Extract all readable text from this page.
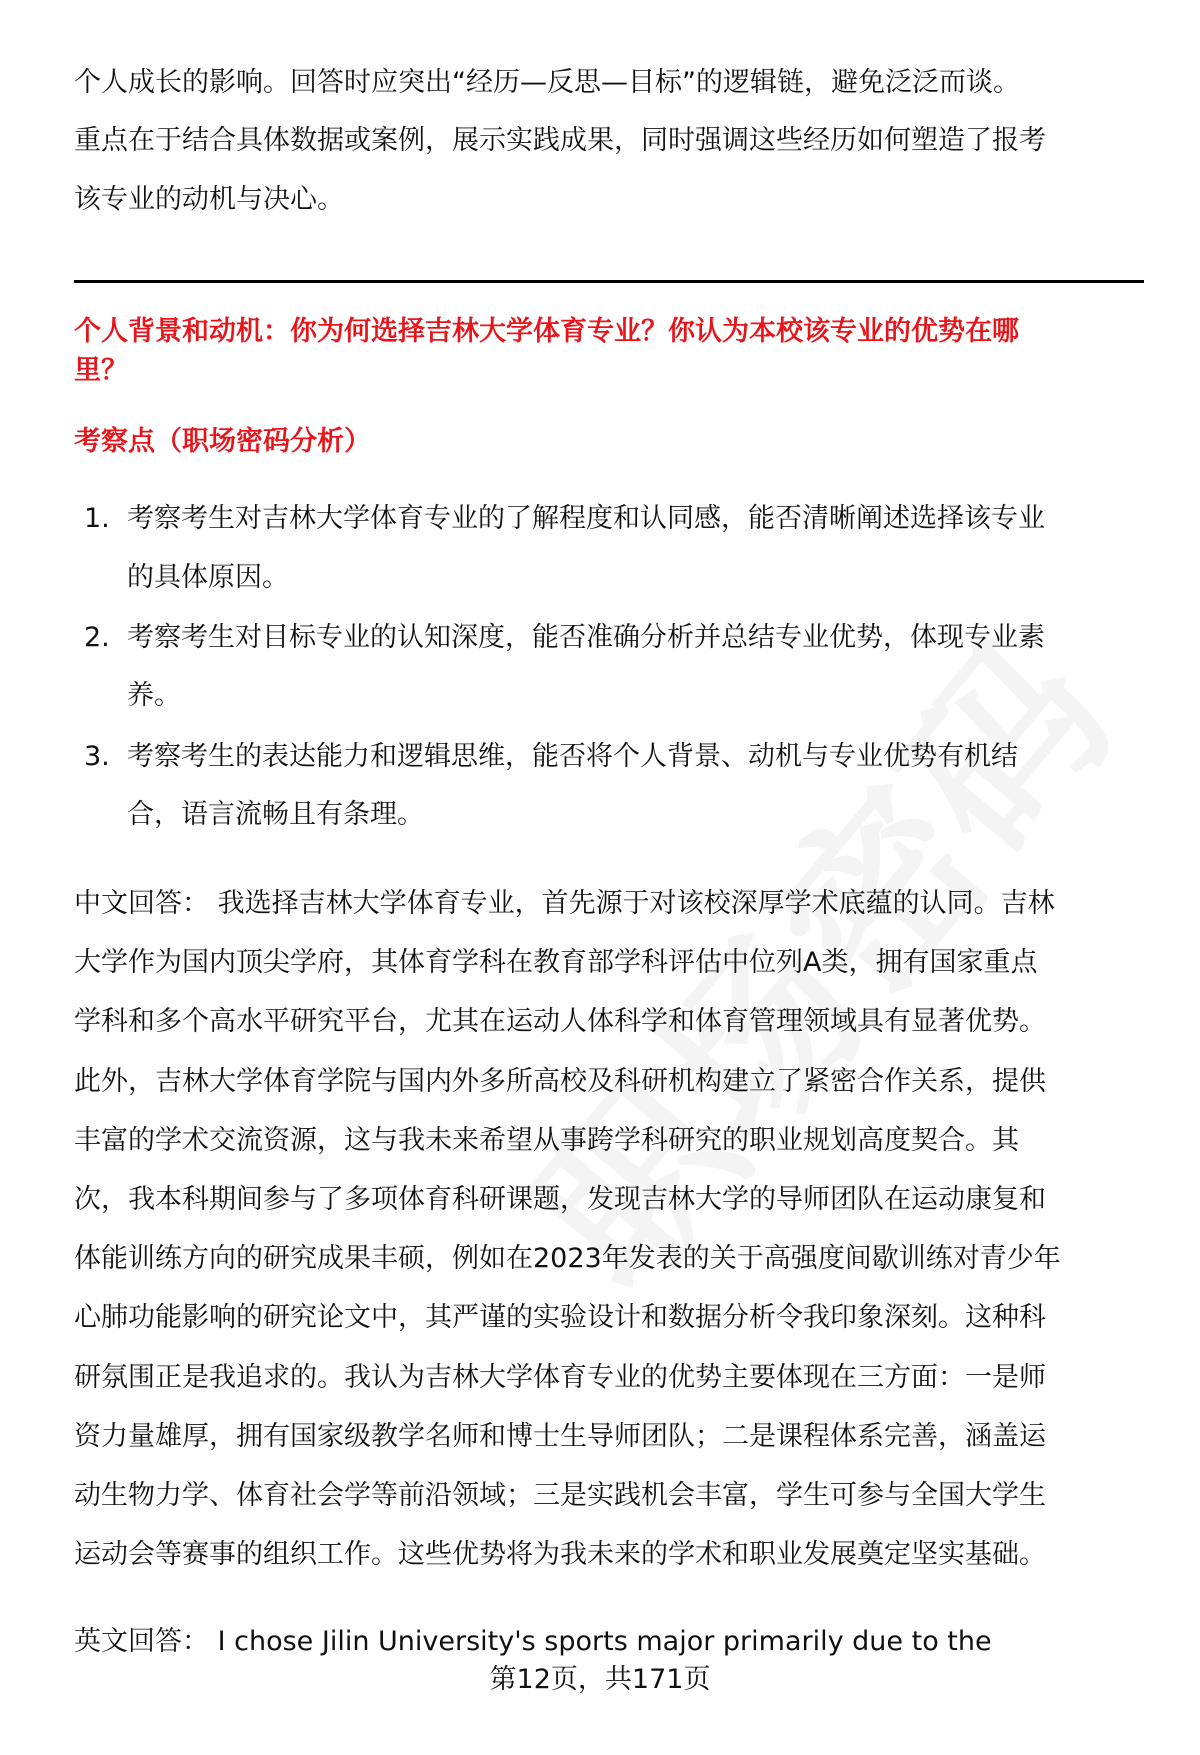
个人成长的影响。回答时应突出“经历—反思—目标”的逻辑链，避免泛泛而谈。
重点在于结合具体数据或案例，展示实践成果，同时强调这些经历如何塑造了报考
该专业的动机与决心。
个人背景和动机：你为何选择吉林大学体育专业？你认为本校该专业的优势在哪
里？
考察点（职场密码分析）
1. 考察考生对吉林大学体育专业的了解程度和认同感，能否清晰阐述选择该专业
的具体原因。
2. 考察考生对目标专业的认知深度，能否准确分析并总结专业优势，体现专业素
养。
3. 考察考生的表达能力和逻辑思维，能否将个人背景、动机与专业优势有机结
合，语言流畅且有条理。
中文回答： 我选择吉林大学体育专业，首先源于对该校深厚学术底蕴的认同。吉林
大学作为国内顶尖学府，其体育学科在教育部学科评估中位列A类，拥有国家重点
学科和多个高水平研究平台，尤其在运动人体科学和体育管理领域具有显著优势。
此外，吉林大学体育学院与国内外多所高校及科研机构建立了紧密合作关系，提供
丰富的学术交流资源，这与我未来希望从事跨学科研究的职业规划高度契合。其
次，我本科期间参与了多项体育科研课题，发现吉林大学的导师团队在运动康复和
体能训练方向的研究成果丰硕，例如在2023年发表的关于高强度间歇训练对青少年
心肺功能影响的研究论文中，其严谨的实验设计和数据分析令我印象深刻。这种科
研氛围正是我追求的。我认为吉林大学体育专业的优势主要体现在三方面：一是师
资力量雄厚，拥有国家级教学名师和博士生导师团队；二是课程体系完善，涵盖运
动生物力学、体育社会学等前沿领域；三是实践机会丰富，学生可参与全国大学生
运动会等赛事的组织工作。这些优势将为我未来的学术和职业发展奠定坚实基础。
英文回答： I chose Jilin University's sports major primarily due to the
第12页，共171页
